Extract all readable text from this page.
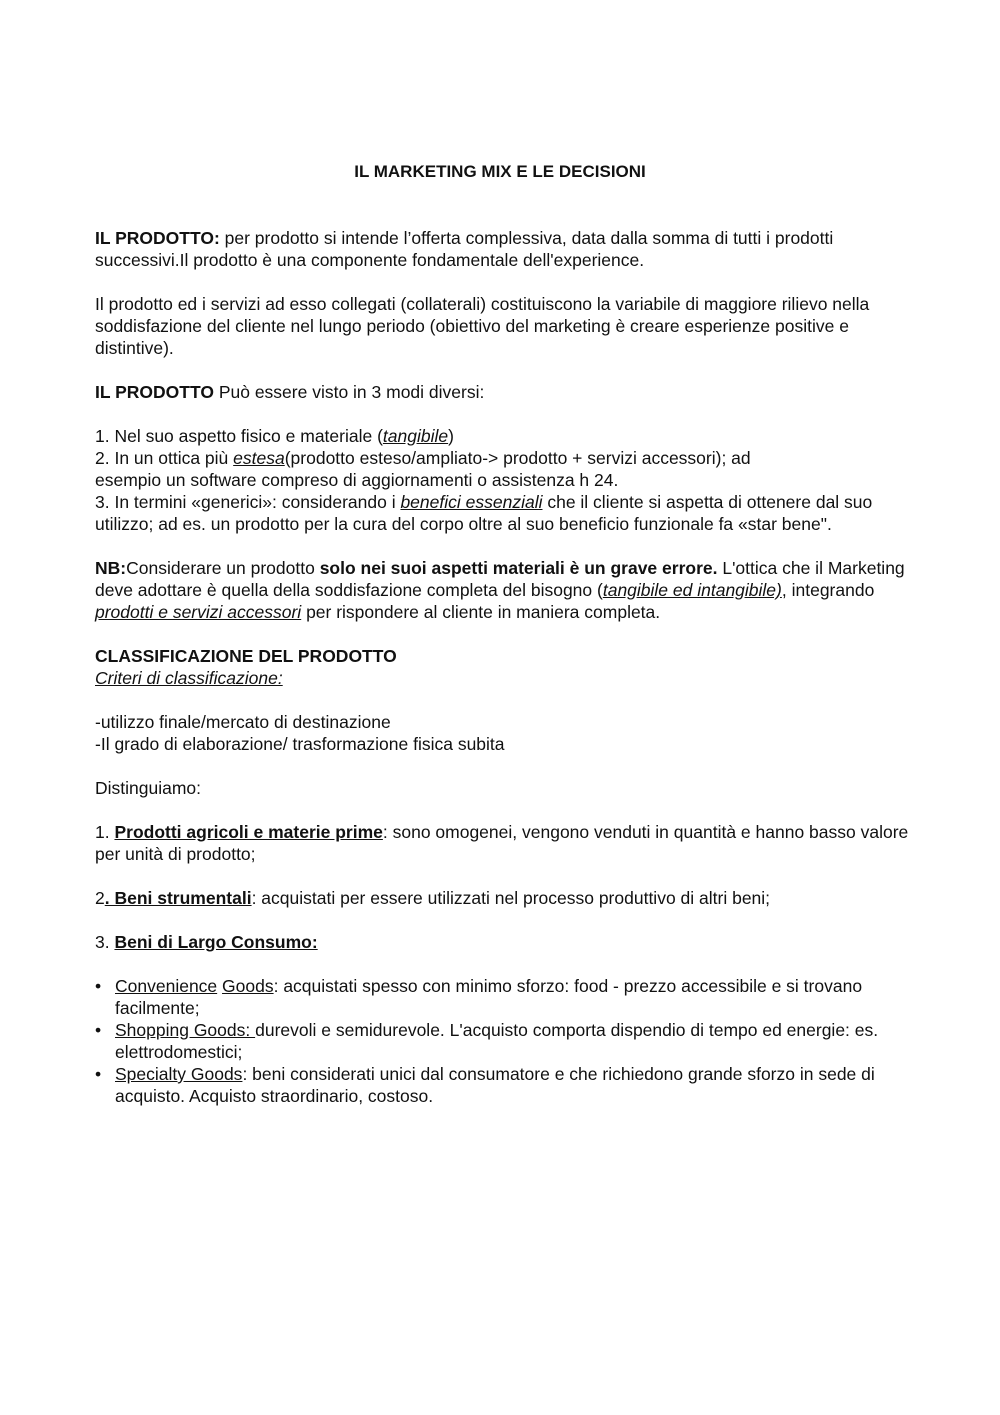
IL MARKETING MIX E LE DECISIONI

IL PRODOTTO: per prodotto si intende l’offerta complessiva, data dalla somma di tutti i prodotti successivi.Il prodotto è una componente fondamentale dell'experience.

Il prodotto ed i servizi ad esso collegati (collaterali) costituiscono la variabile di maggiore rilievo nella soddisfazione del cliente nel lungo periodo (obiettivo del marketing è creare esperienze positive e distintive).

IL PRODOTTO Può essere visto in 3 modi diversi:

1. Nel suo aspetto fisico e materiale (tangibile)
2. In un ottica più estesa(prodotto esteso/ampliato-> prodotto + servizi accessori); ad
esempio un software compreso di aggiornamenti o assistenza h 24.
3. In termini «generici»: considerando i benefici essenziali che il cliente si aspetta di ottenere dal suo utilizzo; ad es. un prodotto per la cura del corpo oltre al suo beneficio funzionale fa «star bene".

NB:Considerare un prodotto solo nei suoi aspetti materiali è un grave errore. L'ottica che il Marketing deve adottare è quella della soddisfazione completa del bisogno (tangibile ed intangibile), integrando prodotti e servizi accessori per rispondere al cliente in maniera completa.

CLASSIFICAZIONE DEL PRODOTTO
Criteri di classificazione:

-utilizzo finale/mercato di destinazione
-Il grado di elaborazione/ trasformazione fisica subita

Distinguiamo:

1. Prodotti agricoli e materie prime: sono omogenei, vengono venduti in quantità e hanno basso valore per unità di prodotto;

2. Beni strumentali: acquistati per essere utilizzati nel processo produttivo di altri beni;

3. Beni di Largo Consumo:

• Convenience Goods: acquistati spesso con minimo sforzo: food - prezzo accessibile e si trovano facilmente;
• Shopping Goods: durevoli e semidurevole. L'acquisto comporta dispendio di tempo ed energie: es. elettrodomestici;
• Specialty Goods: beni considerati unici dal consumatore e che richiedono grande sforzo in sede di acquisto. Acquisto straordinario, costoso.
